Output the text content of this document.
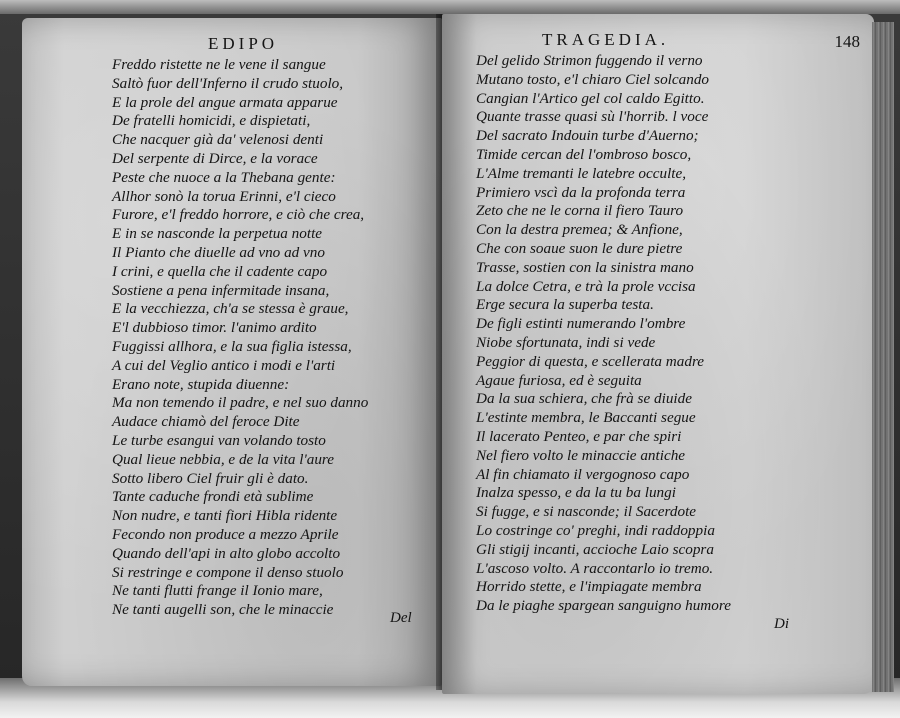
EDIPO
Freddo ristette ne le vene il sangue
Saltò fuor dell'Inferno il crudo stuolo,
E la prole del angue armata apparue
De fratelli homicidi, e dispietati,
Che nacquer già da' velenosi denti
Del serpente di Dirce, e la vorace
Peste che nuoce a la Thebana gente:
Allhor sonò la torua Erinni, e'l cieco
Furore, e'l freddo horrore, e ciò che crea,
E in se nasconde la perpetua notte
Il Pianto che diuelle ad vno ad vno
I crini, e quella che il cadente capo
Sostiene a pena infermitade insana,
E la vecchiezza, ch'a se stessa è graue,
E'l dubbioso timor. l'animo ardito
Fuggissi allhora, e la sua figlia istessa,
A cui del Veglio antico i modi e l'arti
Erano note, stupida diuenne:
Ma non temendo il padre, e nel suo danno
Audace chiamò del feroce Dite
Le turbe esangui van volando tosto
Qual lieue nebbia, e de la vita l'aure
Sotto libero Ciel fruir gli è dato.
Tante caduche frondi età sublime
Non nudre, e tanti fiori Hibla ridente
Fecondo non produce a mezzo Aprile
Quando dell'api in alto globo accolto
Si restringe e compone il denso stuolo
Ne tanti flutti frange il Ionio mare,
Ne tanti augelli son, che le minaccie	Del
TRAGEDIA.	148
Del gelido Strimon fuggendo il verno
Mutano tosto, e'l chiaro Ciel solcando
Cangian l'Artico gel col caldo Egitto.
Quante trasse quasi sù l'horrib. l voce
Del sacrato Indouin turbe d'Auerno;
Timide cercan del l'ombroso bosco,
L'Alme tremanti le latebre occulte,
Primiero vscì da la profonda terra
Zeto che ne le corna il fiero Tauro
Con la destra premea; & Anfione,
Che con soaue suon le dure pietre
Trasse, sostien con la sinistra mano
La dolce Cetra, e trà la prole vccisa
Erge secura la superba testa.
De figli estinti numerando l'ombre
Niobe sfortunata, indi si vede
Peggior di questa, e scellerata madre
Agaue furiosa, ed è seguita
Da la sua schiera, che frà se diuide
L'estinte membra, le Baccanti segue
Il lacerato Penteo, e par che spiri
Nel fiero volto le minaccie antiche
Al fin chiamato il vergognoso capo
Inalza spesso, e da la tu ba lungi
Si fugge, e si nasconde; il Sacerdote
Lo costringe co' preghi, indi raddoppia
Gli stigij incanti, accioche Laio scopra
L'ascoso volto. A raccontarlo io tremo.
Horrido stette, e l'impiagate membra
Da le piaghe spargean sanguigno humore
Di
